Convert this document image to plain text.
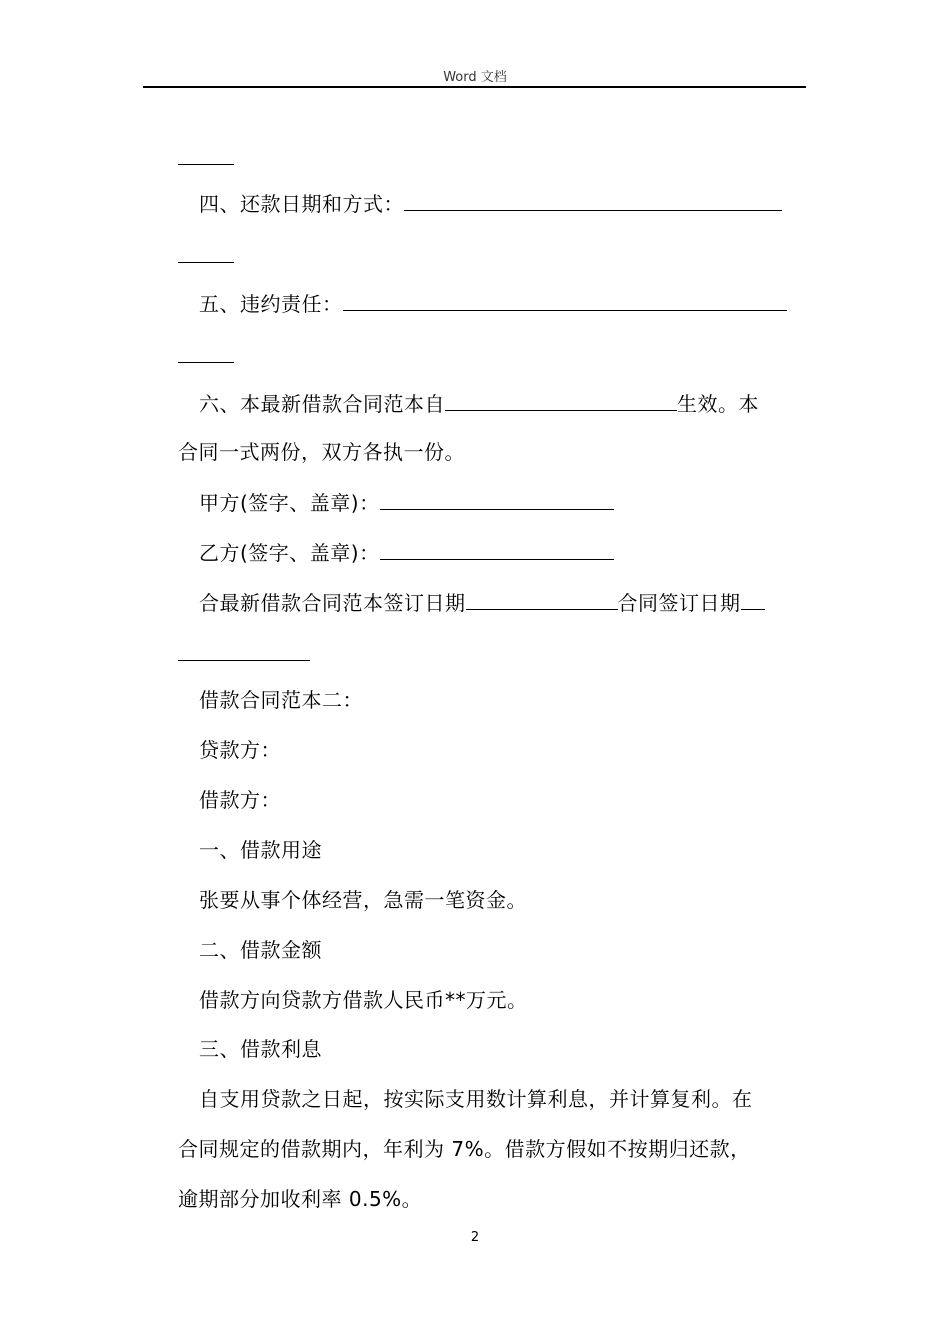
Word 文档
四、还款日期和方式：
五、违约责任：
六、本最新借款合同范本自	生效。本
合同一式两份，双方各执一份。
甲方(签字、盖章)：
乙方(签字、盖章)：
合最新借款合同范本签订日期	合同签订日期
借款合同范本二：
贷款方：
借款方：
一、借款用途
张要从事个体经营，急需一笔资金。
二、借款金额
借款方向贷款方借款人民币**万元。
三、借款利息
自支用贷款之日起，按实际支用数计算利息，并计算复利。在
合同规定的借款期内，年利为 7%。借款方假如不按期归还款，
逾期部分加收利率 0.5%。
2
